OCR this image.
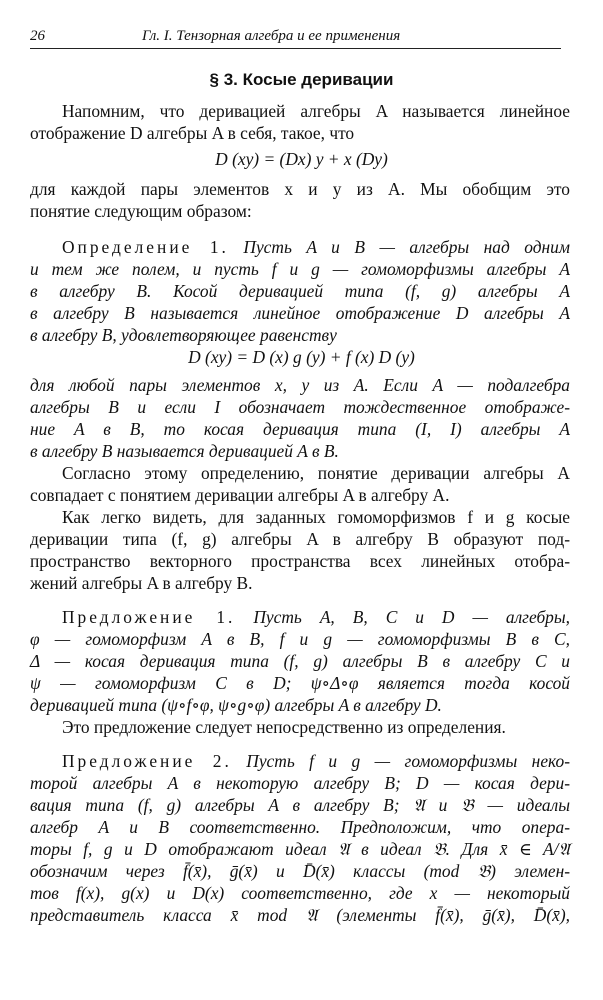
26	Гл. I. Тензорная алгебра и ее применения
§ 3. Косые деривации
Напомним, что деривацией алгебры A называется линейное
отображение D алгебры A в себя, такое, что
D (xy) = (Dx) y + x (Dy)
для каждой пары элементов x и y из A. Мы обобщим это
понятие следующим образом:
Определение 1. Пусть A и B — алгебры над одним
и тем же полем, и пусть f и g — гомоморфизмы алгебры A
в алгебру B. Косой деривацией типа (f, g) алгебры A
в алгебру B называется линейное отображение D алгебры A
в алгебру B, удовлетворяющее равенству
D (xy) = D (x) g (y) + f (x) D (y)
для любой пары элементов x, y из A. Если A — подалгебра
алгебры B и если I обозначает тождественное отображе-
ние A в B, то косая деривация типа (I, I) алгебры A
в алгебру B называется деривацией A в B.
Согласно этому определению, понятие деривации алгебры A
совпадает с понятием деривации алгебры A в алгебру A.
Как легко видеть, для заданных гомоморфизмов f и g косые
деривации типа (f, g) алгебры A в алгебру B образуют под-
пространство векторного пространства всех линейных отобра-
жений алгебры A в алгебру B.
Предложение 1. Пусть A, B, C и D — алгебры,
φ — гомоморфизм A в B, f и g — гомоморфизмы B в C,
Δ — косая деривация типа (f, g) алгебры B в алгебру C и
ψ — гомоморфизм C в D; ψ∘Δ∘φ является тогда косой
деривацией типа (ψ∘f∘φ, ψ∘g∘φ) алгебры A в алгебру D.
Это предложение следует непосредственно из определения.
Предложение 2. Пусть f и g — гомоморфизмы неко-
торой алгебры A в некоторую алгебру B; D — косая дери-
вация типа (f, g) алгебры A в алгебру B; 𝔄 и 𝔅 — идеалы
алгебр A и B соответственно. Предположим, что опера-
торы f, g и D отображают идеал 𝔄 в идеал 𝔅. Для x̄ ∈ A/𝔄
обозначим через f̄(x̄), ḡ(x̄) и D̄(x̄) классы (mod 𝔅) элемен-
тов f(x), g(x) и D(x) соответственно, где x — некоторый
представитель класса x̄ mod 𝔄 (элементы f̄(x̄), ḡ(x̄), D̄(x̄),
